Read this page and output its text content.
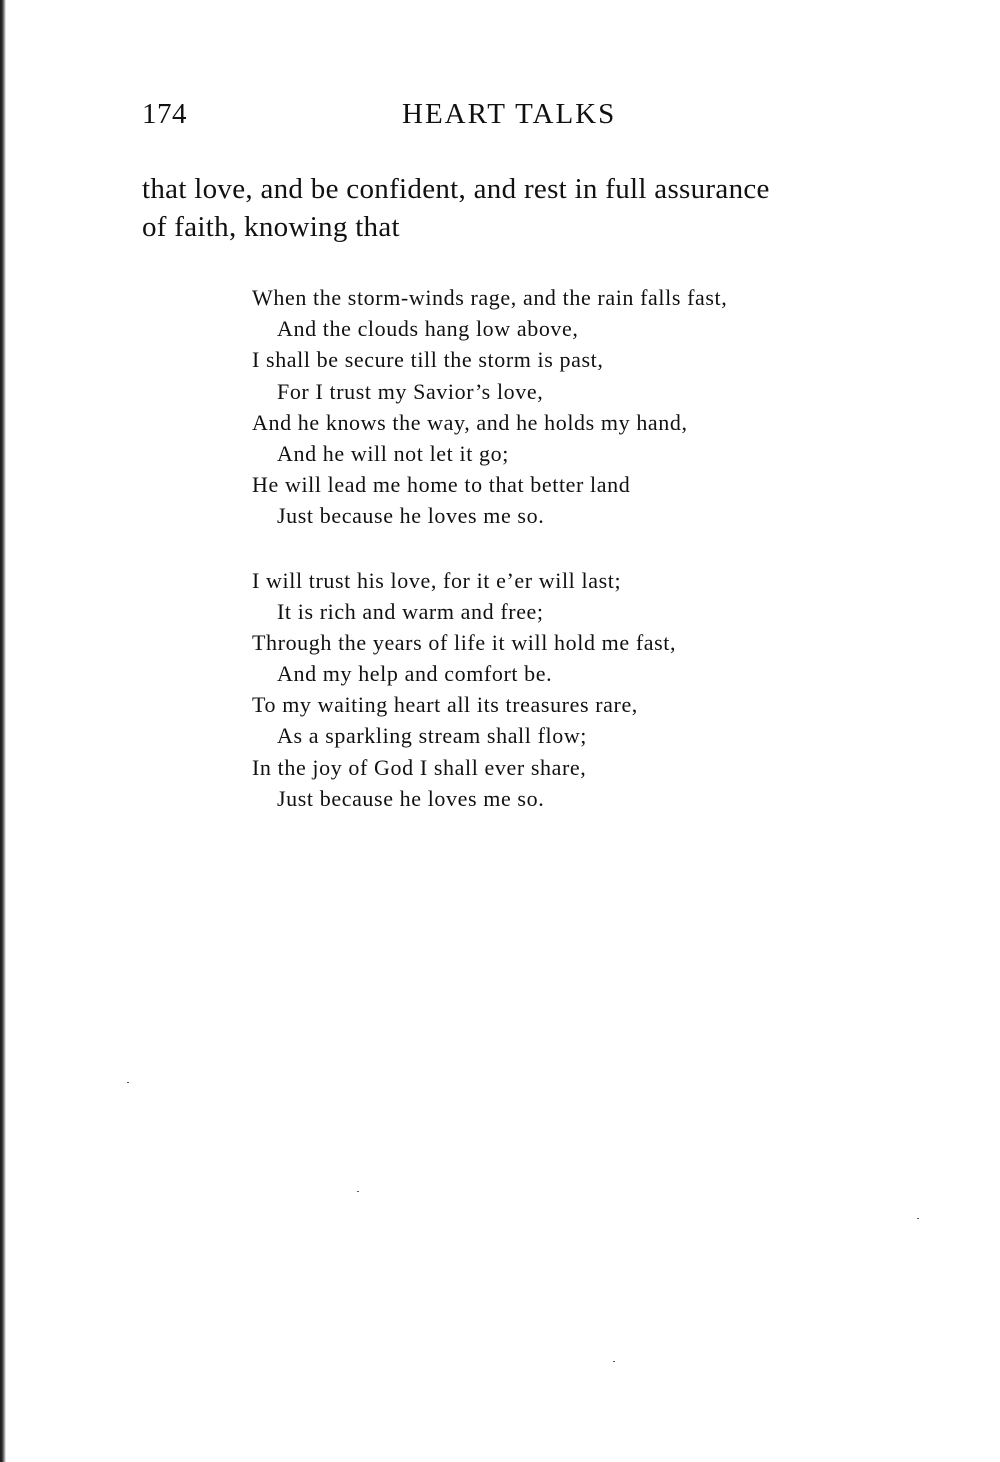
174	HEART TALKS

that love, and be confident, and rest in full assurance
of faith, knowing that

When the storm-winds rage, and the rain falls fast,
And the clouds hang low above,
I shall be secure till the storm is past,
For I trust my Savior’s love,
And he knows the way, and he holds my hand,
And he will not let it go;
He will lead me home to that better land
Just because he loves me so.
I will trust his love, for it e’er will last;
It is rich and warm and free;
Through the years of life it will hold me fast,
And my help and comfort be.
To my waiting heart all its treasures rare,
As a sparkling stream shall flow;
In the joy of God I shall ever share,
Just because he loves me so.
